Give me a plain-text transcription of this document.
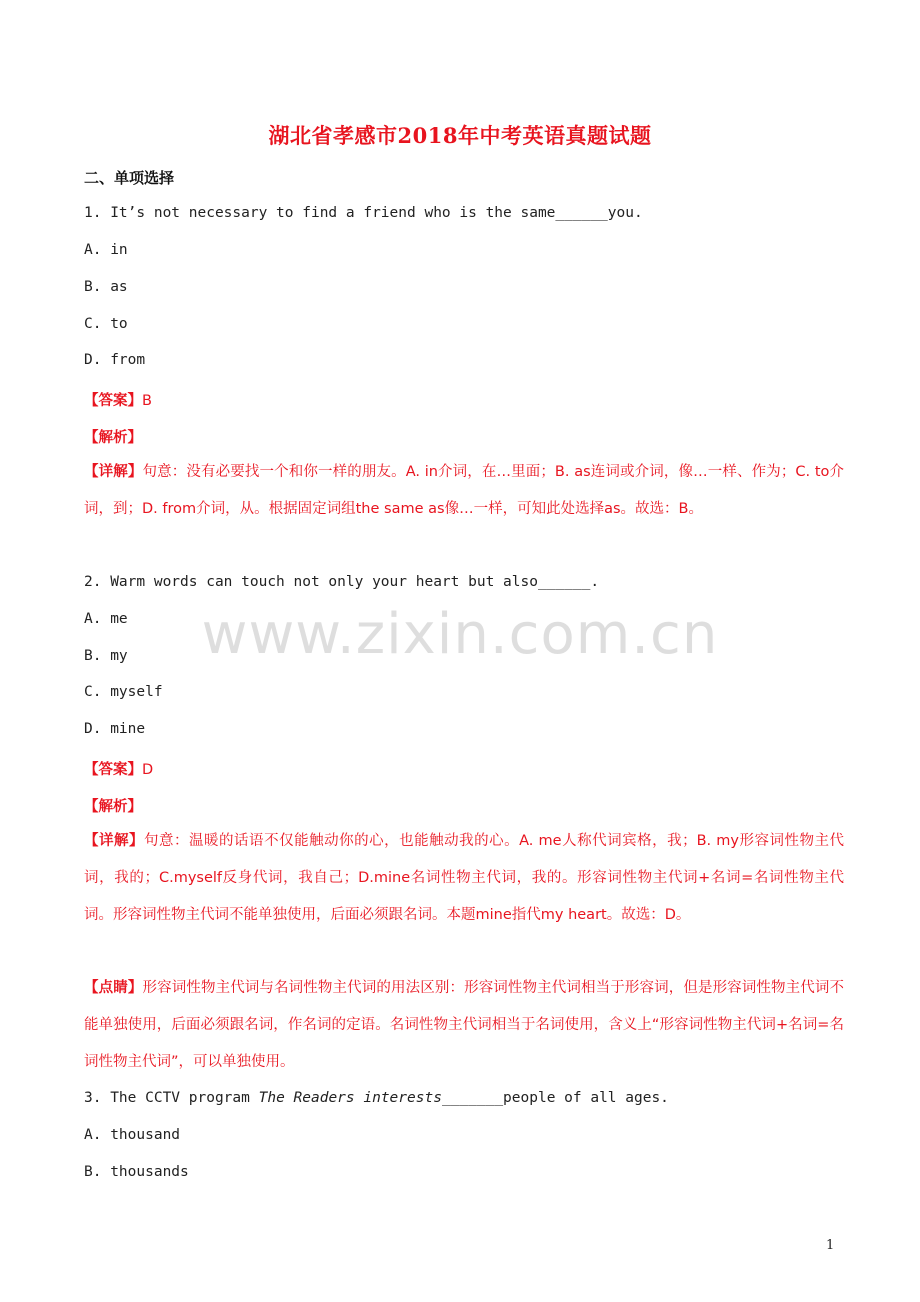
湖北省孝感市2018年中考英语真题试题
二、单项选择
1. It’s not necessary to find a friend who is the same______you.
A. in
B. as
C. to
D. from
【答案】B
【解析】
【详解】句意：没有必要找一个和你一样的朋友。A. in介词，在…里面；B. as连词或介词，像…一样、作为；C. to介词，到；D. from介词，从。根据固定词组the same as像…一样，可知此处选择as。故选：B。
2. Warm words can touch not only your heart but also______.
A. me
B. my
C. myself
D. mine
【答案】D
【解析】
【详解】句意：温暖的话语不仅能触动你的心，也能触动我的心。A. me人称代词宾格，我；B. my形容词性物主代词，我的；C.myself反身代词，我自己；D.mine名词性物主代词，我的。形容词性物主代词+名词=名词性物主代词。形容词性物主代词不能单独使用，后面必须跟名词。本题mine指代my heart。故选：D。
【点睛】形容词性物主代词与名词性物主代词的用法区别：形容词性物主代词相当于形容词，但是形容词性物主代词不能单独使用，后面必须跟名词，作名词的定语。名词性物主代词相当于名词使用，含义上“形容词性物主代词+名词=名词性物主代词”，可以单独使用。
3. The CCTV program The Readers interests_______people of all ages.
A. thousand
B. thousands
www.zixin.com.cn
1
